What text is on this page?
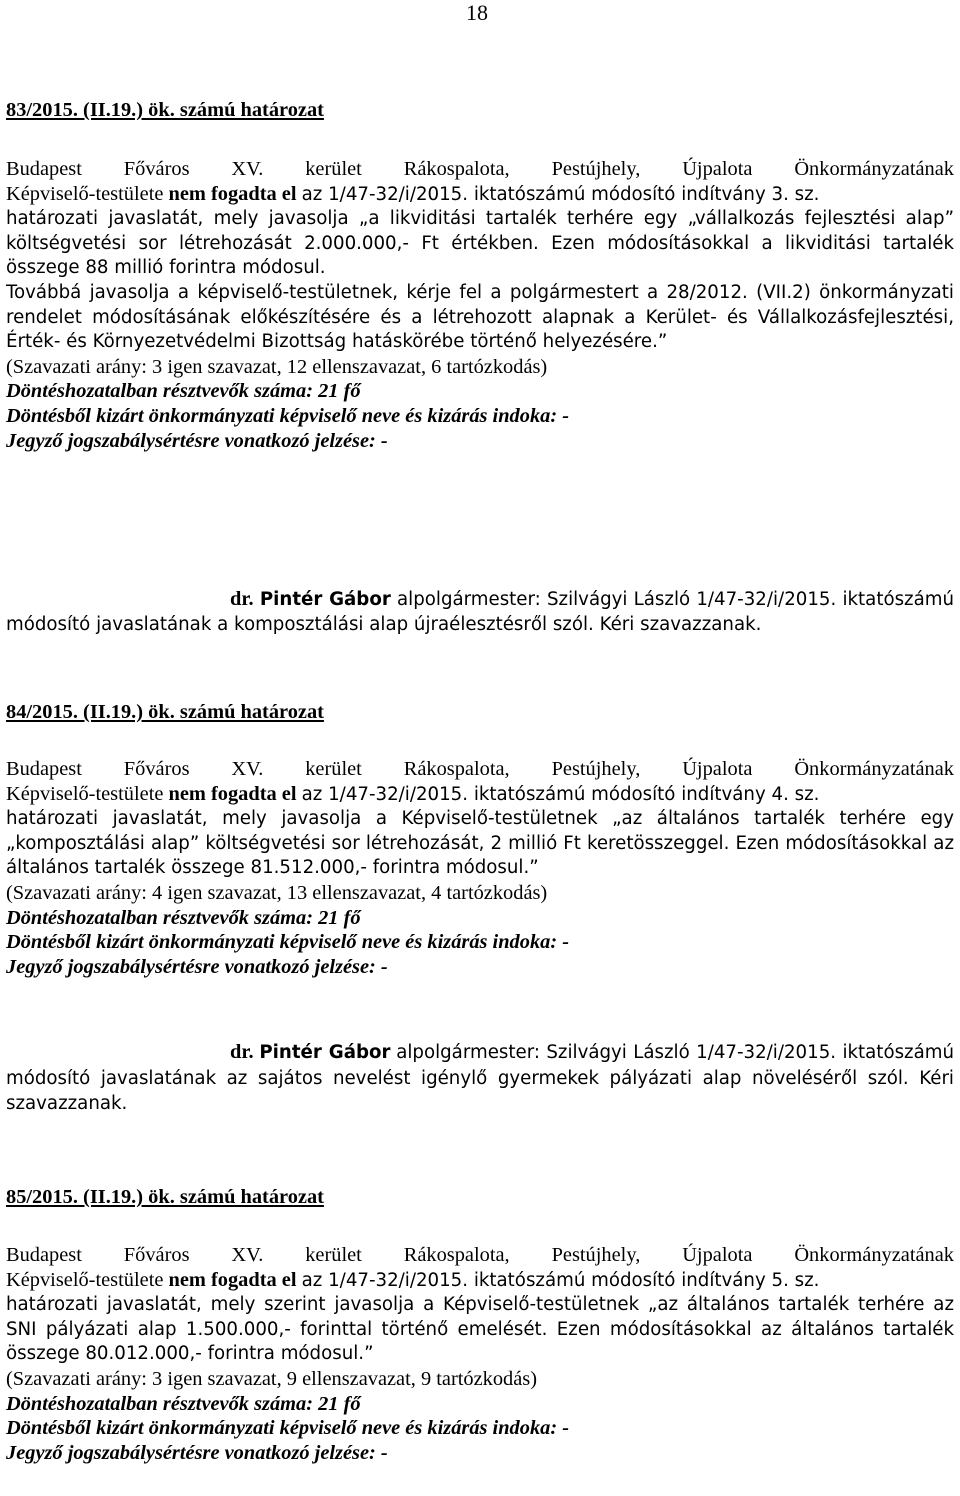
18
83/2015. (II.19.) ök. számú határozat
Budapest Főváros XV. kerület Rákospalota, Pestújhely, Újpalota Önkormányzatának
Képviselő-testülete nem fogadta el az 1/47-32/i/2015. iktatószámú módosító indítvány 3. sz.

határozati javaslatát, mely javasolja „a likviditási tartalék terhére egy „vállalkozás fejlesztési alap” költségvetési sor létrehozását 2.000.000,- Ft értékben. Ezen módosításokkal a likviditási tartalék összege 88 millió forintra módosul.

Továbbá javasolja a képviselő-testületnek, kérje fel a polgármestert a 28/2012. (VII.2) önkormányzati rendelet módosításának előkészítésére és a létrehozott alapnak a Kerület- és Vállalkozásfejlesztési, Érték- és Környezetvédelmi Bizottság hatáskörébe történő helyezésére.”

(Szavazati arány: 3 igen szavazat, 12 ellenszavazat, 6 tartózkodás)
Döntéshozatalban résztvevők száma: 21 fő
Döntésből kizárt önkormányzati képviselő neve és kizárás indoka: -
Jegyző jogszabálysértésre vonatkozó jelzése: -

dr. Pintér Gábor alpolgármester: Szilvágyi László 1/47-32/i/2015. iktatószámú módosító javaslatának a komposztálási alap újraélesztésről szól. Kéri szavazzanak.

84/2015. (II.19.) ök. számú határozat
Budapest Főváros XV. kerület Rákospalota, Pestújhely, Újpalota Önkormányzatának
Képviselő-testülete nem fogadta el az 1/47-32/i/2015. iktatószámú módosító indítvány 4. sz.

határozati javaslatát, mely javasolja a Képviselő-testületnek „az általános tartalék terhére egy „komposztálási alap” költségvetési sor létrehozását, 2 millió Ft keretösszeggel. Ezen módosításokkal az általános tartalék összege 81.512.000,- forintra módosul.”

(Szavazati arány: 4 igen szavazat, 13 ellenszavazat, 4 tartózkodás)
Döntéshozatalban résztvevők száma: 21 fő
Döntésből kizárt önkormányzati képviselő neve és kizárás indoka: -
Jegyző jogszabálysértésre vonatkozó jelzése: -

dr. Pintér Gábor alpolgármester: Szilvágyi László 1/47-32/i/2015. iktatószámú módosító javaslatának az sajátos nevelést igénylő gyermekek pályázati alap növeléséről szól. Kéri szavazzanak.

85/2015. (II.19.) ök. számú határozat
Budapest Főváros XV. kerület Rákospalota, Pestújhely, Újpalota Önkormányzatának
Képviselő-testülete nem fogadta el az 1/47-32/i/2015. iktatószámú módosító indítvány 5. sz.

határozati javaslatát, mely szerint javasolja a Képviselő-testületnek „az általános tartalék terhére az SNI pályázati alap 1.500.000,- forinttal történő emelését. Ezen módosításokkal az általános tartalék összege 80.012.000,- forintra módosul.”

(Szavazati arány: 3 igen szavazat, 9 ellenszavazat, 9 tartózkodás)
Döntéshozatalban résztvevők száma: 21 fő
Döntésből kizárt önkormányzati képviselő neve és kizárás indoka: -
Jegyző jogszabálysértésre vonatkozó jelzése: -
